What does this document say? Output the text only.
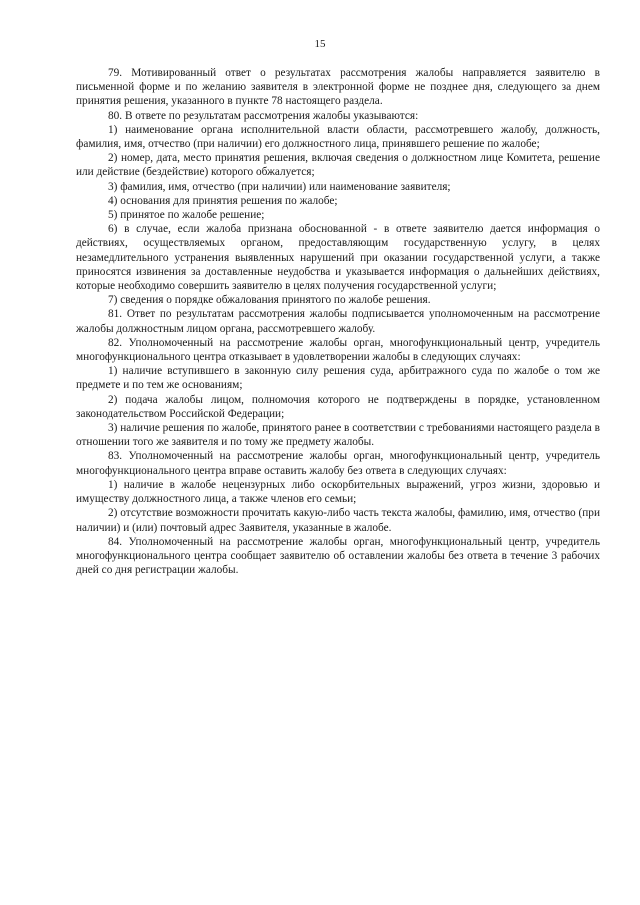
15

79. Мотивированный ответ о результатах рассмотрения жалобы направляется заявителю в письменной форме и по желанию заявителя в электронной форме не позднее дня, следующего за днем принятия решения, указанного в пункте 78 настоящего раздела.

80. В ответе по результатам рассмотрения жалобы указываются:

1) наименование органа исполнительной власти области, рассмотревшего жалобу, должность, фамилия, имя, отчество (при наличии) его должностного лица, принявшего решение по жалобе;

2) номер, дата, место принятия решения, включая сведения о должностном лице Комитета, решение или действие (бездействие) которого обжалуется;

3) фамилия, имя, отчество (при наличии) или наименование заявителя;

4) основания для принятия решения по жалобе;

5) принятое по жалобе решение;

6) в случае, если жалоба признана обоснованной - в ответе заявителю дается информация о действиях, осуществляемых органом, предоставляющим государственную услугу, в целях незамедлительного устранения выявленных нарушений при оказании государственной услуги, а также приносятся извинения за доставленные неудобства и указывается информация о дальнейших действиях, которые необходимо совершить заявителю в целях получения государственной услуги;

7) сведения о порядке обжалования принятого по жалобе решения.

81. Ответ по результатам рассмотрения жалобы подписывается уполномоченным на рассмотрение жалобы должностным лицом органа, рассмотревшего жалобу.

82. Уполномоченный на рассмотрение жалобы орган, многофункциональный центр, учредитель многофункционального центра отказывает в удовлетворении жалобы в следующих случаях:

1) наличие вступившего в законную силу решения суда, арбитражного суда по жалобе о том же предмете и по тем же основаниям;

2) подача жалобы лицом, полномочия которого не подтверждены в порядке, установленном законодательством Российской Федерации;

3) наличие решения по жалобе, принятого ранее в соответствии с требованиями настоящего раздела в отношении того же заявителя и по тому же предмету жалобы.

83. Уполномоченный на рассмотрение жалобы орган, многофункциональный центр, учредитель многофункционального центра вправе оставить жалобу без ответа в следующих случаях:

1) наличие в жалобе нецензурных либо оскорбительных выражений, угроз жизни, здоровью и имуществу должностного лица, а также членов его семьи;

2) отсутствие возможности прочитать какую-либо часть текста жалобы, фамилию, имя, отчество (при наличии) и (или) почтовый адрес Заявителя, указанные в жалобе.

84. Уполномоченный на рассмотрение жалобы орган, многофункциональный центр, учредитель многофункционального центра сообщает заявителю об оставлении жалобы без ответа в течение 3 рабочих дней со дня регистрации жалобы.
